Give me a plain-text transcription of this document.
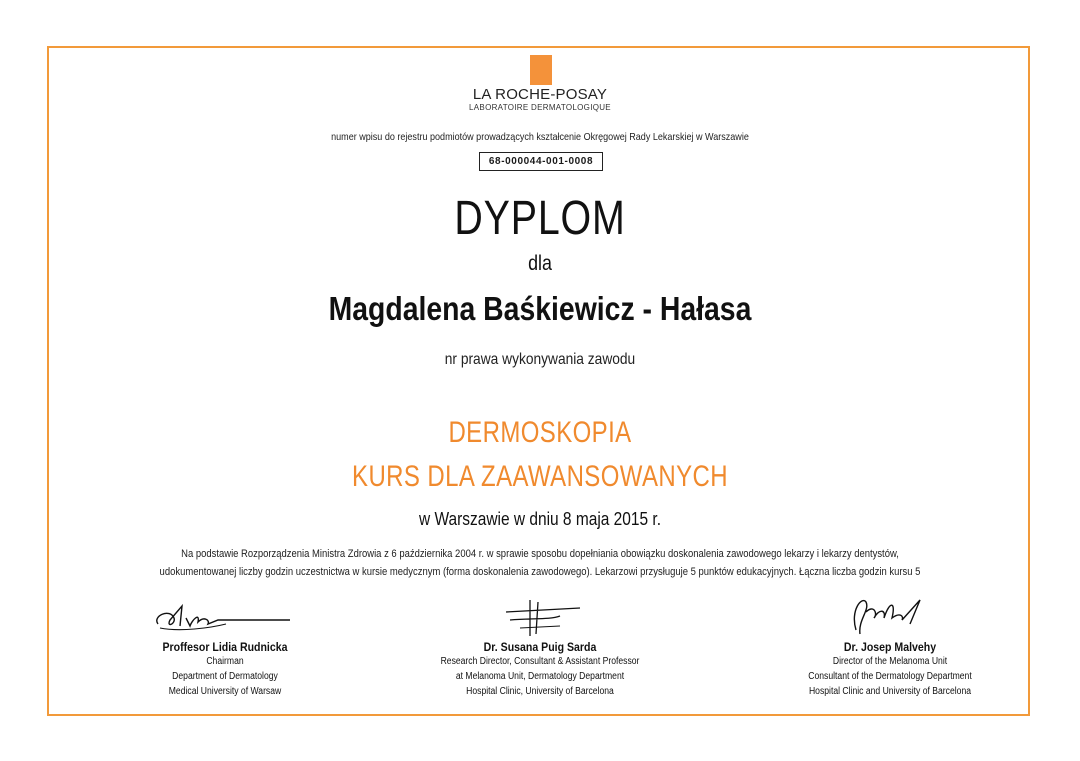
LA ROCHE-POSAY
LABORATOIRE DERMATOLOGIQUE
numer wpisu do rejestru podmiotów prowadzących kształcenie Okręgowej Rady Lekarskiej w Warszawie
68-000044-001-0008
DYPLOM
dla
Magdalena Baśkiewicz - Hałasa
nr prawa wykonywania zawodu
DERMOSKOPIA
KURS DLA ZAAWANSOWANYCH
w Warszawie w dniu 8 maja 2015 r.
Na podstawie Rozporządzenia Ministra Zdrowia z 6 października 2004 r. w sprawie sposobu dopełniania obowiązku doskonalenia zawodowego lekarzy i lekarzy dentystów,
udokumentowanej liczby godzin uczestnictwa w kursie medycznym (forma doskonalenia zawodowego). Lekarzowi przysługuje 5 punktów edukacyjnych. Łączna liczba godzin kursu 5
Proffesor Lidia Rudnicka
Chairman
Department of Dermatology
Medical University of Warsaw
Dr. Susana Puig Sarda
Research Director, Consultant & Assistant Professor
at Melanoma Unit, Dermatology Department
Hospital Clinic, University of Barcelona
Dr. Josep Malvehy
Director of the Melanoma Unit
Consultant of the Dermatology Department
Hospital Clinic and University of Barcelona
